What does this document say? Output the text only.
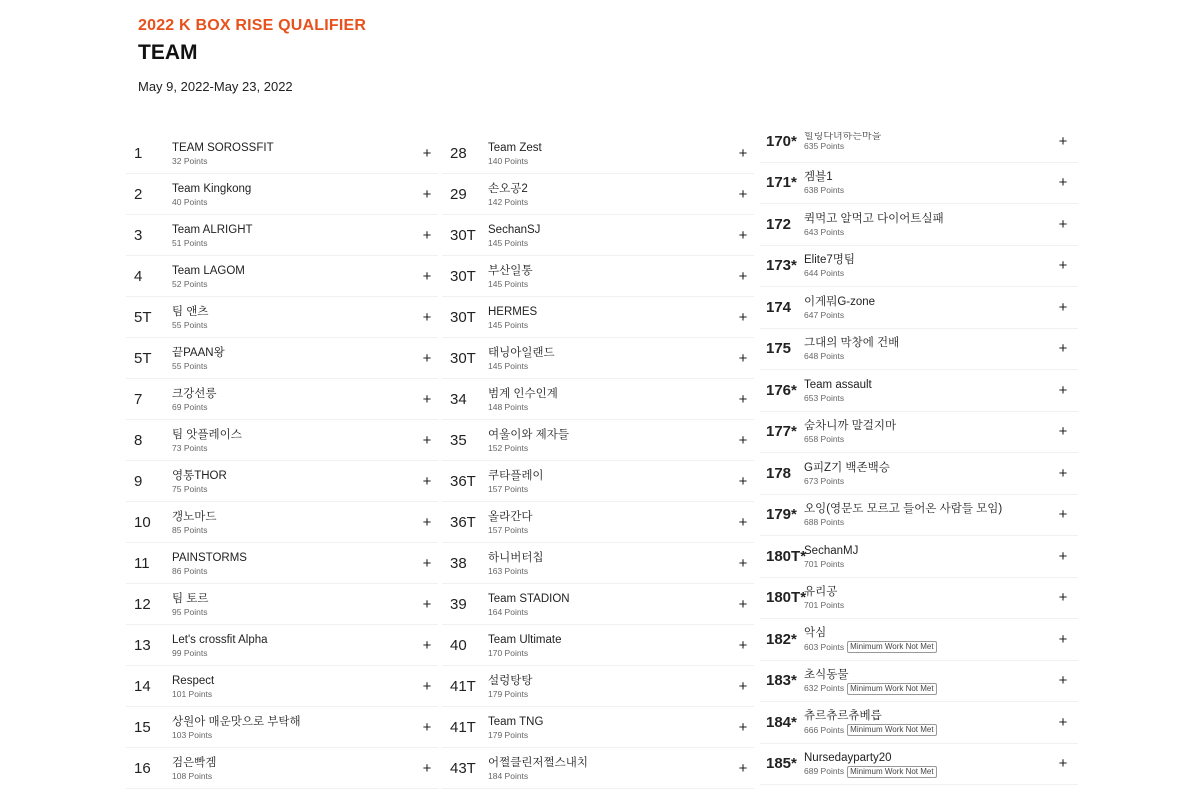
2022 K BOX RISE QUALIFIER
TEAM
May 9, 2022-May 23, 2022
1	TEAM SOROSSFIT
32 Points	+
2	Team Kingkong
40 Points	+
3	Team ALRIGHT
51 Points	+
4	Team LAGOM
52 Points	+
5T	팀 앤츠
55 Points	+
5T	끝PAAN왕
55 Points	+
7	크강선릉
69 Points	+
8	팀 앗플레이스
73 Points	+
9	영통THOR
75 Points	+
10	갱노마드
85 Points	+
11	PAINSTORMS
86 Points	+
12	팀 토르
95 Points	+
13	Let's crossfit Alpha
99 Points	+
14	Respect
101 Points	+
15	상원아 매운맛으로 부탁해
103 Points	+
16	검은빡겜
108 Points	+
28	Team Zest
140 Points	+
29	손오공2
142 Points	+
30T	SechanSJ
145 Points	+
30T	부산일통
145 Points	+
30T	HERMES
145 Points	+
30T	태닝아일랜드
145 Points	+
34	범계 인수인계
148 Points	+
35	여울이와 제자들
152 Points	+
36T	쿠타플레이
157 Points	+
36T	올라간다
157 Points	+
38	하니버터칩
163 Points	+
39	Team STADION
164 Points	+
40	Team Ultimate
170 Points	+
41T	설렁탕탕
179 Points	+
41T	Team TNG
179 Points	+
43T	어쩔클린저쩔스내치
184 Points	+
170* 힐링다녀하는마을
635 Points	+
171* 겜블1
638 Points	+
172	퀵먹고 알먹고 다이어트실패
643 Points	+
173* Elite7명팀
644 Points	+
174	이게뭐G-zone
647 Points	+
175	그대의 막창에 건배
648 Points	+
176* Team assault
653 Points	+
177* 숨차니까 말걸지마
658 Points	+
178	G피Z기 백존백승
673 Points	+
179* 오잉(영문도 모르고 들어온 사람들 모임)
688 Points	+
180T*
SechanMJ
701 Points	+
180T*
유리공
701 Points	+
182* 악심
603 Points Minimum Work Not Met	+
183* 초식동물
632 Points Minimum Work Not Met	+
184* 츄르츄르츄베릅
666 Points Minimum Work Not Met	+
185* Nursedayparty20
689 Points Minimum Work Not Met	+
